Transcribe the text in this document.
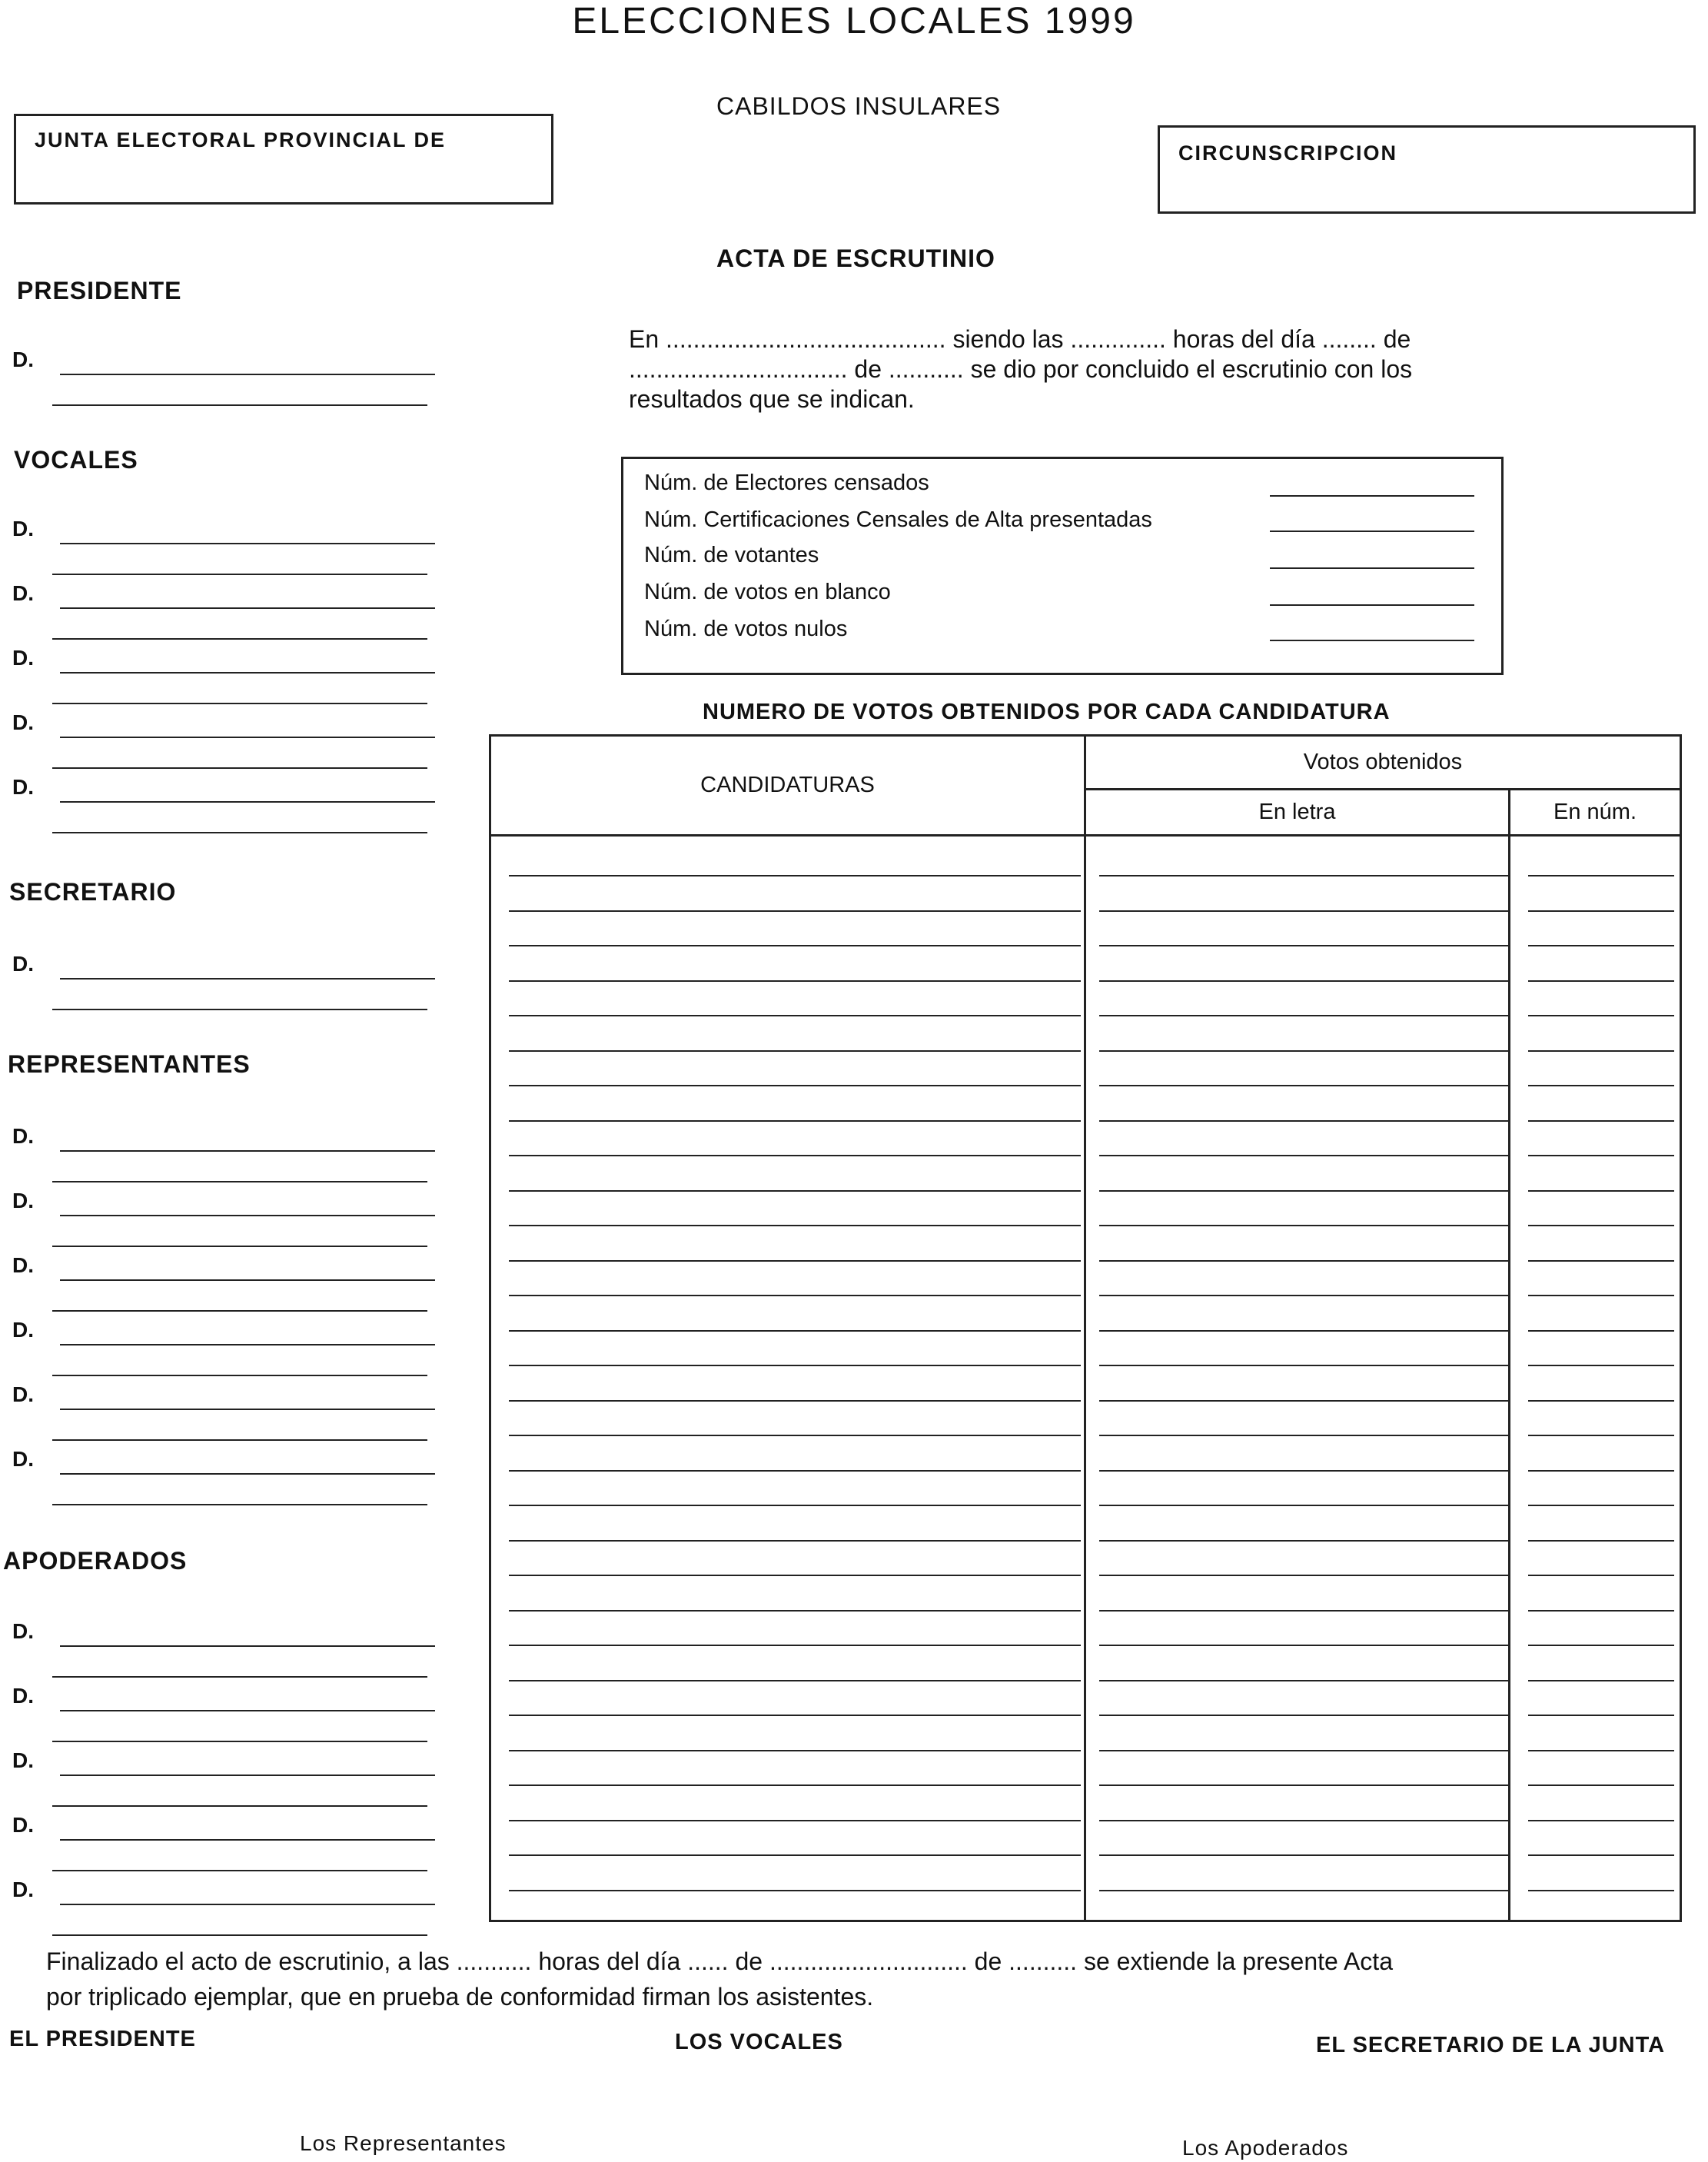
ELECCIONES LOCALES 1999
CABILDOS INSULARES
JUNTA ELECTORAL PROVINCIAL DE
CIRCUNSCRIPCION
ACTA DE ESCRUTINIO
En ......................................... siendo las .............. horas del día ........ de
................................ de ........... se dio por concluido el escrutinio con los
resultados que se indican.
Núm. de Electores censados
Núm. Certificaciones Censales de Alta presentadas
Núm. de votantes
Núm. de votos en blanco
Núm. de votos nulos
NUMERO DE VOTOS OBTENIDOS POR CADA CANDIDATURA
PRESIDENTE
VOCALES
SECRETARIO
REPRESENTANTES
APODERADOS
D.
D.
D.
D.
D.
D.
D.
D.
D.
D.
D.
D.
D.
D.
D.
D.
D.
D.
CANDIDATURAS	Votos obtenidos	
	En letra	En núm.

Finalizado el acto de escrutinio, a las ........... horas del día ...... de ............................. de .......... se extiende la presente Acta
por triplicado ejemplar, que en prueba de conformidad firman los asistentes.
EL PRESIDENTE	LOS VOCALES	EL SECRETARIO DE LA JUNTA
Los Representantes	Los Apoderados
